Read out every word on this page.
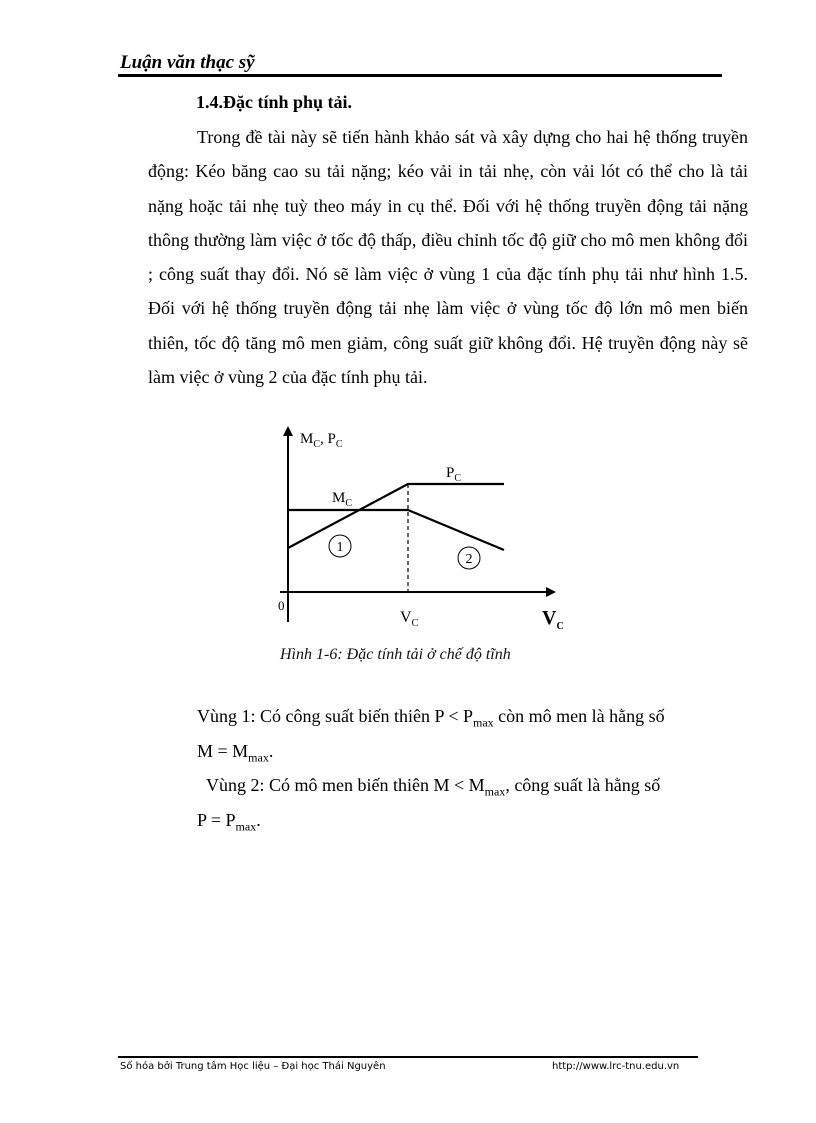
Luận văn thạc sỹ
1.4.Đặc tính phụ tải.

Trong đề tài này sẽ tiến hành khảo sát và xây dựng cho hai hệ thống truyền động: Kéo băng cao su tải nặng; kéo vải in tải nhẹ, còn vải lót có thể cho là tải nặng hoặc tải nhẹ tuỳ theo máy in cụ thể. Đối với hệ thống truyền động tải nặng thông thường làm việc ở tốc độ thấp, điều chỉnh tốc độ giữ cho mô men không đổi ; công suất thay đổi. Nó sẽ làm việc ở vùng 1 của đặc tính phụ tải như hình 1.5. Đối với hệ thống truyền động tải nhẹ làm việc ở vùng tốc độ lớn mô men biến thiên, tốc độ tăng mô men giảm, công suất giữ không đổi. Hệ truyền động này sẽ làm việc ở vùng 2 của đặc tính phụ tải.

1
2
$M_C$, $P_C$
$P_C$
$M_C$
0
$V_C$	$V_C$
Hình 1-6: Đặc tính tải ở chế độ tĩnh
Vùng 1: Có công suất biến thiên $P < P_{max}$ còn mô men là hằng số
$M = M_{max}$.
Vùng 2: Có mô men biến thiên $M < M_{max}$, công suất là hằng số
$P = P_{max}$.
Số hóa bởi Trung tâm Học liệu – Đại học Thái Nguyên	http://www.lrc-tnu.edu.vn
